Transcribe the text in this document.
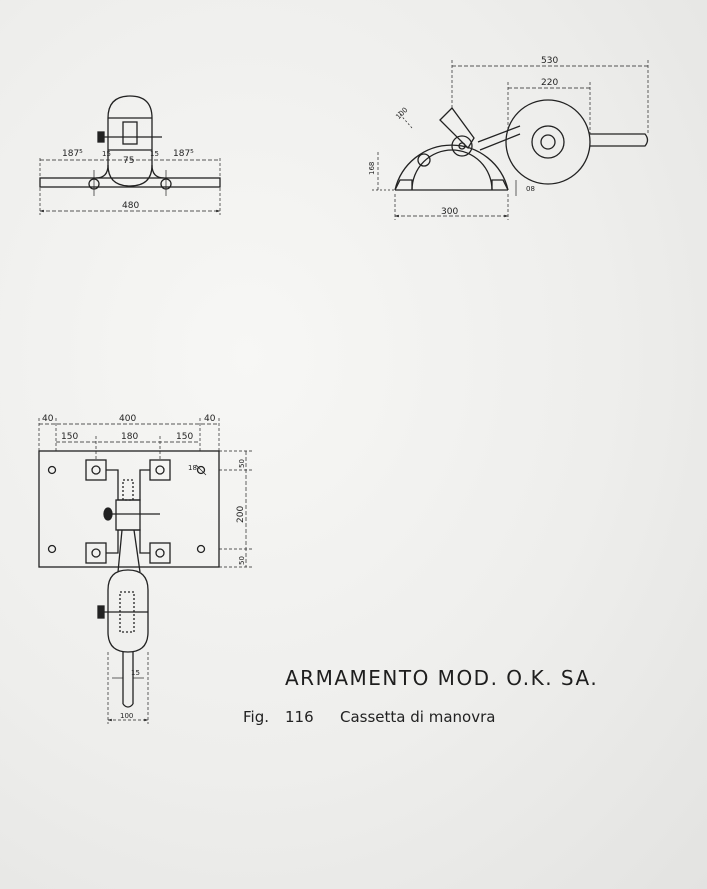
187⁵	15
75
15 187⁵
480
530
220
100
168
300
08
40	400	40
150	180	150
18	50
200
50
15
100
ARMAMENTO MOD. O.K. SA.
Fig. 116 Cassetta di manovra
